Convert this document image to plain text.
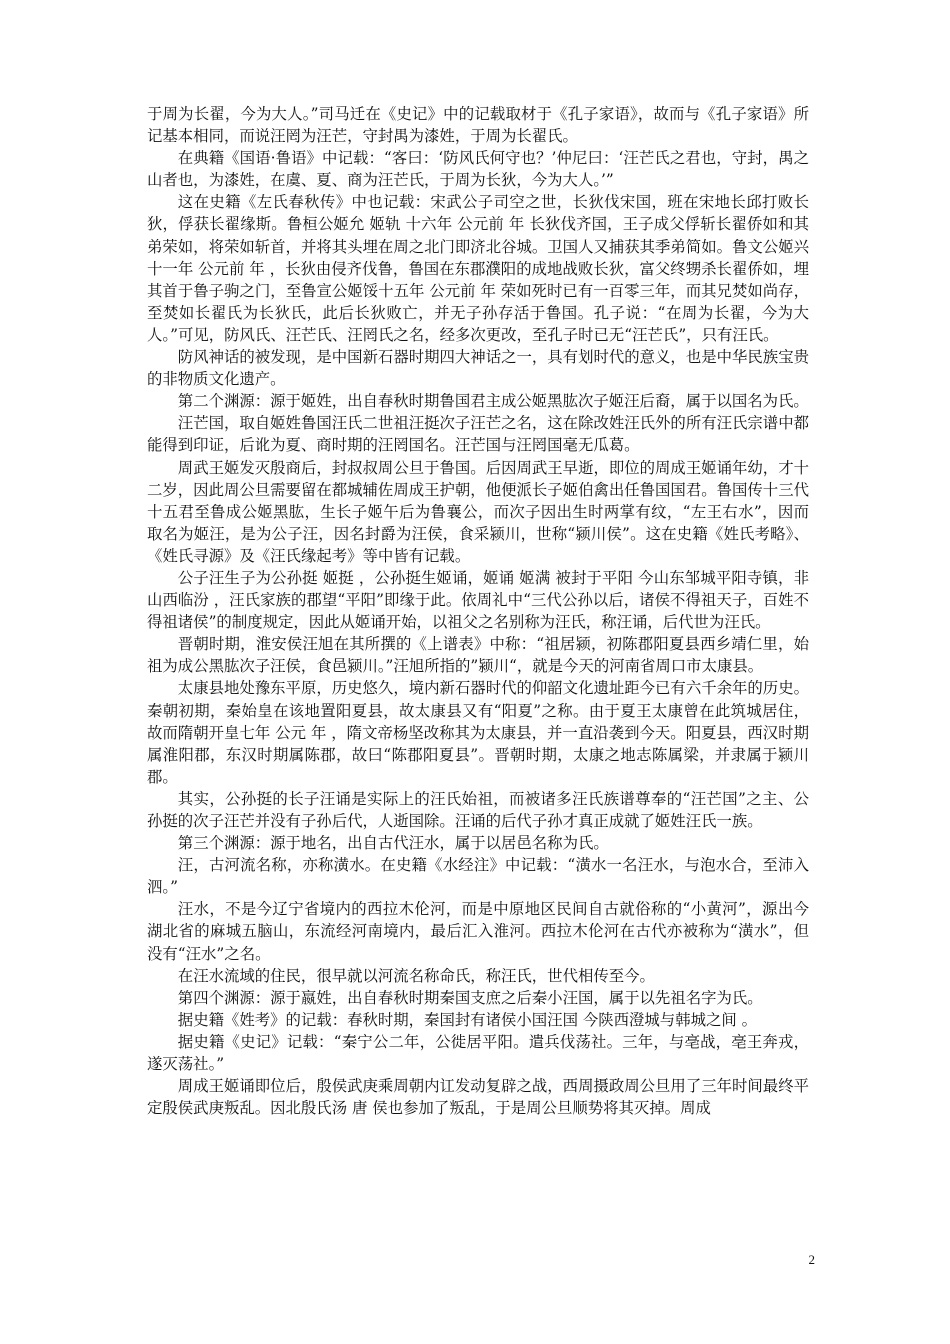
于周为长翟，今为大人。”司马迁在《史记》中的记载取材于《孔子家语》，故而与《孔子家语》所记基本相同，而说汪罔为汪芒，守封禺为漆姓，于周为长翟氏。

在典籍《国语·鲁语》中记载：“客曰：‘防风氏何守也？’仲尼曰：‘汪芒氏之君也，守封，禺之山者也，为漆姓，在虞、夏、商为汪芒氏，于周为长狄，今为大人。’”

这在史籍《左氏春秋传》中也记载：宋武公子司空之世，长狄伐宋国，班在宋地长邱打败长狄，俘获长翟缘斯。鲁桓公姬允 姬轨 十六年 公元前 年 长狄伐齐国，王子成父俘斩长翟侨如和其弟荣如，将荣如斩首，并将其头埋在周之北门即济北谷城。卫国人又捕获其季弟简如。鲁文公姬兴十一年 公元前 年 ，长狄由侵齐伐鲁，鲁国在东郡濮阳的成地战败长狄，富父终甥杀长翟侨如，埋其首于鲁子驹之门，至鲁宣公姬馁十五年 公元前 年 荣如死时已有一百零三年，而其兄焚如尚存，至焚如长翟氏为长狄氏，此后长狄败亡，并无子孙存活于鲁国。孔子说：“在周为长翟，今为大人。”可见，防风氏、汪芒氏、汪罔氏之名，经多次更改，至孔子时已无“汪芒氏”，只有汪氏。

防风神话的被发现，是中国新石器时期四大神话之一，具有划时代的意义，也是中华民族宝贵的非物质文化遗产。

第二个渊源：源于姬姓，出自春秋时期鲁国君主成公姬黑肱次子姬汪后裔，属于以国名为氏。

汪芒国，取自姬姓鲁国汪氏二世祖汪挺次子汪芒之名，这在除改姓汪氏外的所有汪氏宗谱中都能得到印证，后讹为夏、商时期的汪罔国名。汪芒国与汪罔国毫无瓜葛。

周武王姬发灭殷商后，封叔叔周公旦于鲁国。后因周武王早逝，即位的周成王姬诵年幼，才十二岁，因此周公旦需要留在都城辅佐周成王护朝，他便派长子姬伯禽出任鲁国国君。鲁国传十三代十五君至鲁成公姬黑肱，生长子姬午后为鲁襄公，而次子因出生时两掌有纹，“左王右水”，因而取名为姬汪，是为公子汪，因名封爵为汪侯，食采颍川，世称“颍川侯”。这在史籍《姓氏考略》、《姓氏寻源》及《汪氏缘起考》等中皆有记载。

公子汪生子为公孙挺 姬挺 ，公孙挺生姬诵，姬诵 姬满 被封于平阳 今山东邹城平阳寺镇，非山西临汾 ，汪氏家族的郡望“平阳”即缘于此。依周礼中“三代公孙以后，诸侯不得祖天子，百姓不得祖诸侯”的制度规定，因此从姬诵开始，以祖父之名别称为汪氏，称汪诵，后代世为汪氏。

晋朝时期，淮安侯汪旭在其所撰的《上谱表》中称：“祖居颍，初陈郡阳夏县西乡靖仁里，始祖为成公黑肱次子汪侯，食邑颍川。”汪旭所指的”颍川“，就是今天的河南省周口市太康县。

太康县地处豫东平原，历史悠久，境内新石器时代的仰韶文化遗址距今已有六千余年的历史。秦朝初期，秦始皇在该地置阳夏县，故太康县又有“阳夏”之称。由于夏王太康曾在此筑城居住，故而隋朝开皇七年 公元 年 ，隋文帝杨坚改称其为太康县，并一直沿袭到今天。阳夏县，西汉时期属淮阳郡，东汉时期属陈郡，故曰“陈郡阳夏县”。晋朝时期，太康之地志陈属梁，并隶属于颍川郡。

其实，公孙挺的长子汪诵是实际上的汪氏始祖，而被诸多汪氏族谱尊奉的“汪芒国”之主、公孙挺的次子汪芒并没有子孙后代，人逝国除。汪诵的后代子孙才真正成就了姬姓汪氏一族。

第三个渊源：源于地名，出自古代汪水，属于以居邑名称为氏。

汪，古河流名称，亦称潢水。在史籍《水经注》中记载：“潢水一名汪水，与泡水合，至沛入泗。”

汪水，不是今辽宁省境内的西拉木伦河，而是中原地区民间自古就俗称的“小黄河”，源出今湖北省的麻城五脑山，东流经河南境内，最后汇入淮河。西拉木伦河在古代亦被称为“潢水”，但没有“汪水”之名。

在汪水流域的住民，很早就以河流名称命氏，称汪氏，世代相传至今。

第四个渊源：源于嬴姓，出自春秋时期秦国支庶之后秦小汪国，属于以先祖名字为氏。

据史籍《姓考》的记载：春秋时期，秦国封有诸侯小国汪国 今陕西澄城与韩城之间 。

据史籍《史记》记载：“秦宁公二年，公徙居平阳。遣兵伐荡社。三年，与亳战，亳王奔戎，遂灭荡社。”

周成王姬诵即位后，殷侯武庚乘周朝内讧发动复辟之战，西周摄政周公旦用了三年时间最终平定殷侯武庚叛乱。因北殷氏汤 唐 侯也参加了叛乱，于是周公旦顺势将其灭掉。周成

2
